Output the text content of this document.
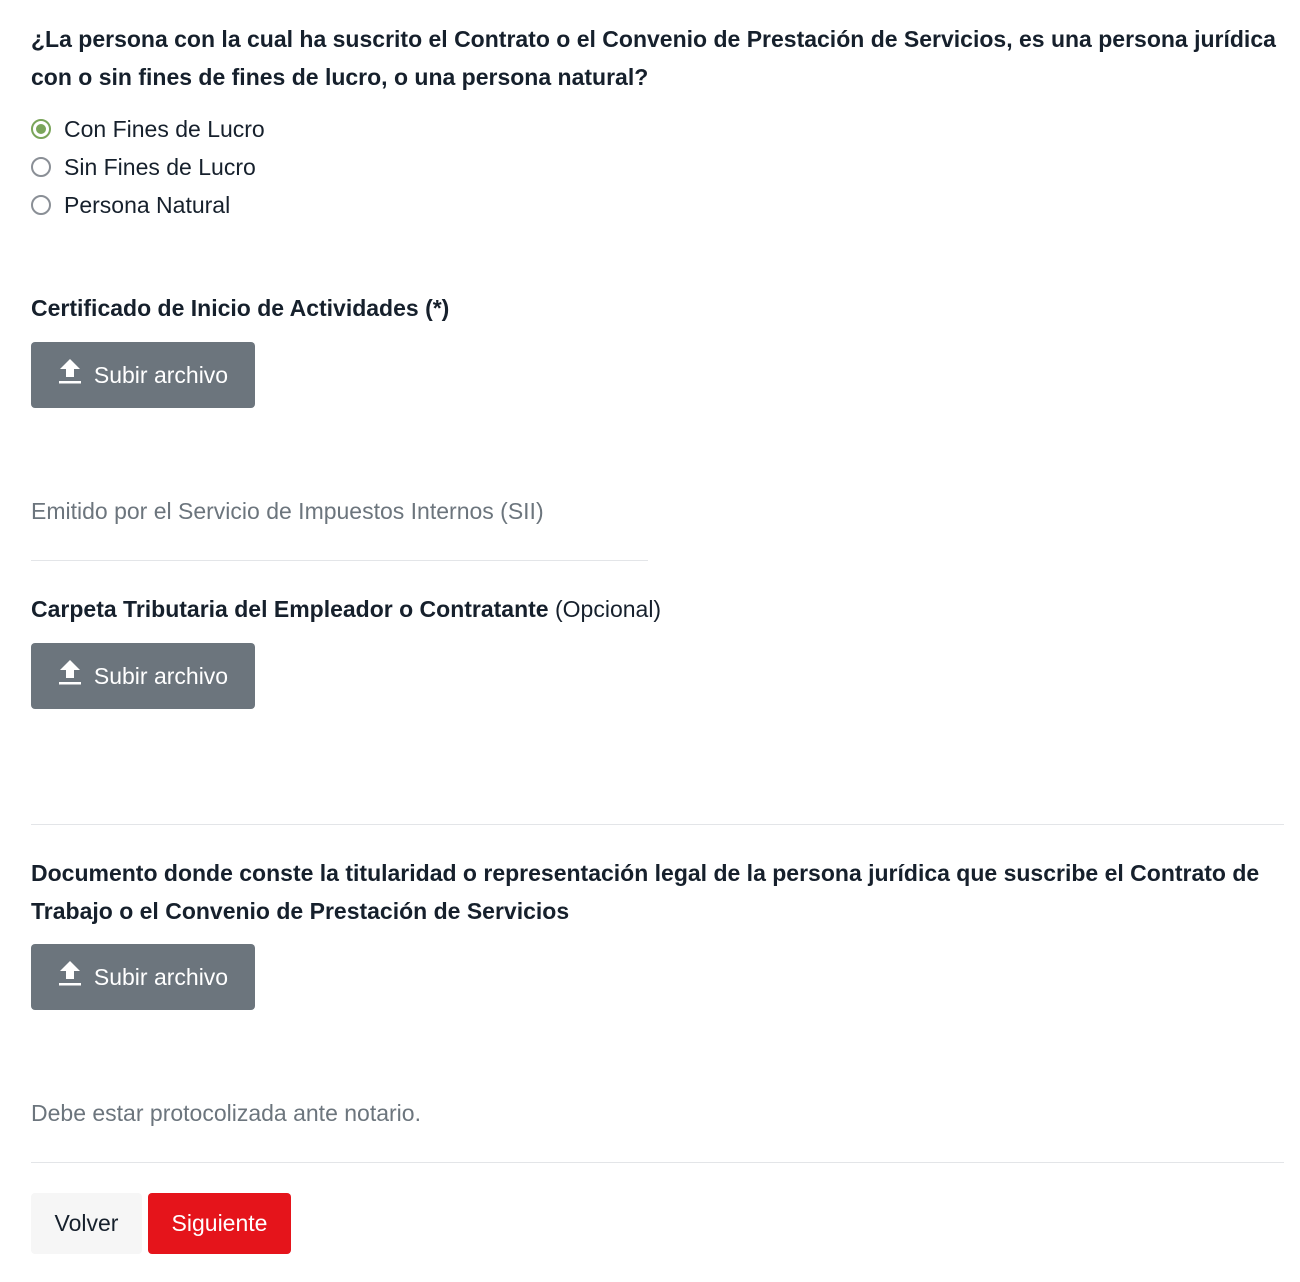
¿La persona con la cual ha suscrito el Contrato o el Convenio de Prestación de Servicios, es una persona jurídica con o sin fines de fines de lucro, o una persona natural?

Con Fines de Lucro
Sin Fines de Lucro
Persona Natural

Certificado de Inicio de Actividades (*)

Subir archivo

Emitido por el Servicio de Impuestos Internos (SII)

Carpeta Tributaria del Empleador o Contratante (Opcional)

Subir archivo

Documento donde conste la titularidad o representación legal de la persona jurídica que suscribe el Contrato de Trabajo o el Convenio de Prestación de Servicios

Subir archivo

Debe estar protocolizada ante notario.

Volver	Siguiente
